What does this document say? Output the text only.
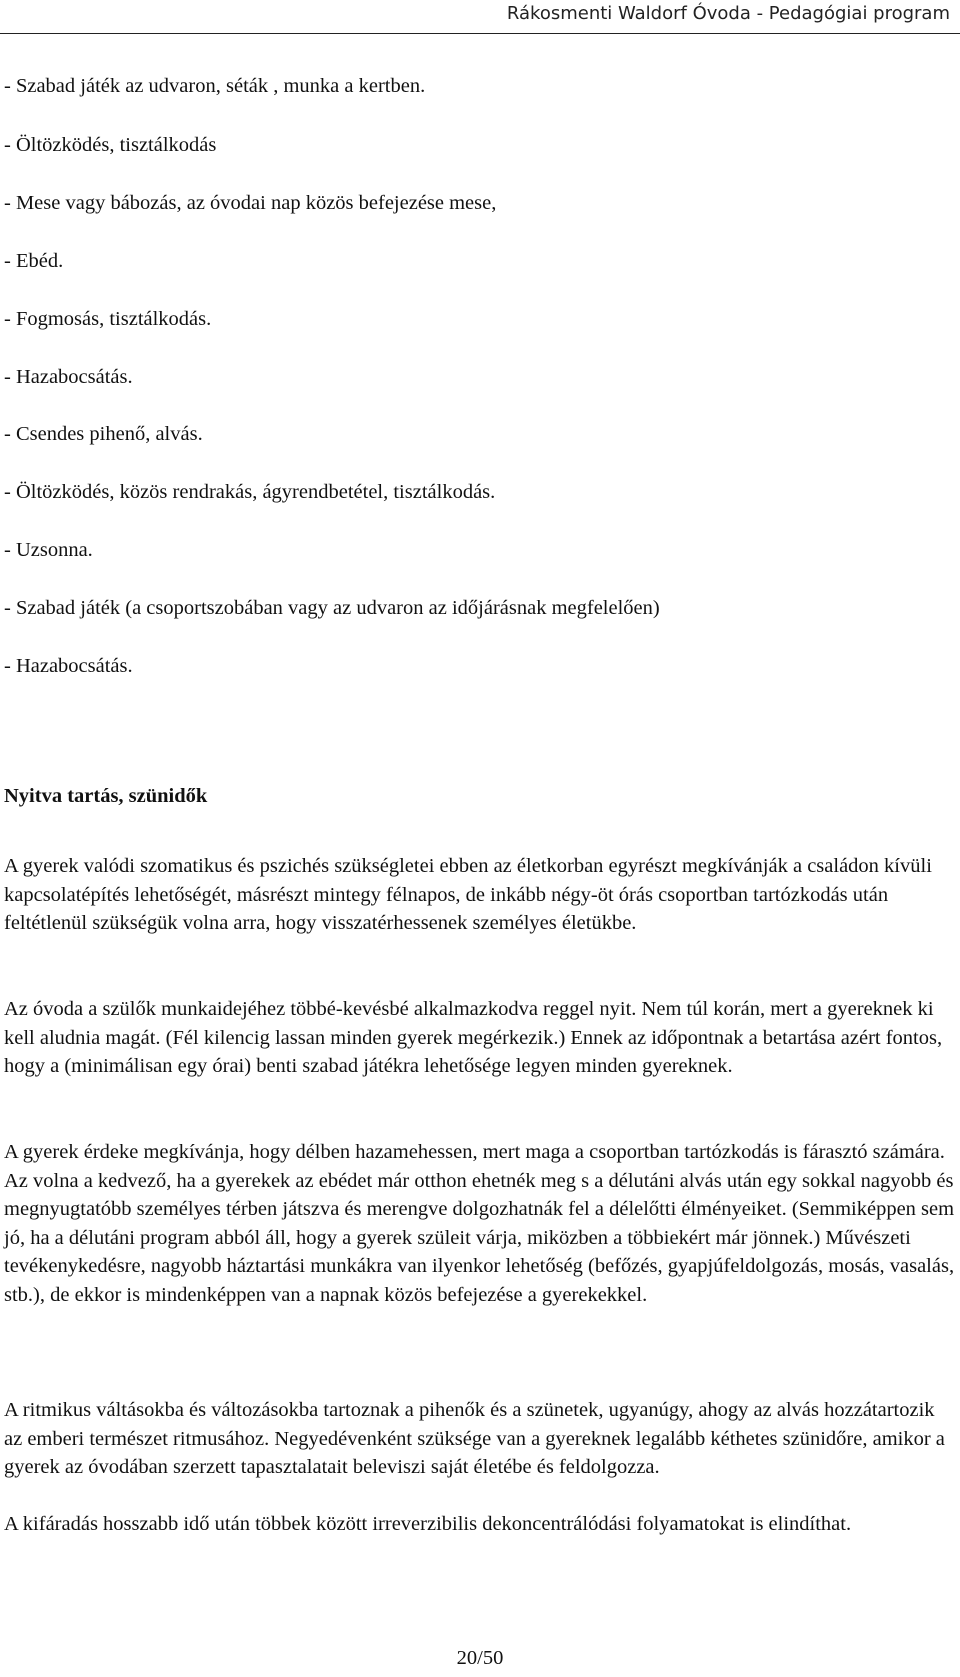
Rákosmenti Waldorf Óvoda - Pedagógiai program
- Szabad játék az udvaron, séták , munka a kertben.
- Öltözködés, tisztálkodás
- Mese vagy bábozás, az óvodai nap közös befejezése mese,
- Ebéd.
- Fogmosás, tisztálkodás.
- Hazabocsátás.
- Csendes pihenő, alvás.
- Öltözködés, közös rendrakás, ágyrendbetétel, tisztálkodás.
- Uzsonna.
- Szabad játék (a csoportszobában vagy az udvaron az időjárásnak megfelelően)
- Hazabocsátás.
Nyitva tartás, szünidők

A gyerek valódi szomatikus és pszichés szükségletei ebben az életkorban egyrészt megkívánják a családon kívüli kapcsolatépítés lehetőségét, másrészt mintegy félnapos, de inkább négy-öt órás csoportban tartózkodás után feltétlenül szükségük volna arra, hogy visszatérhessenek személyes életükbe.

Az óvoda a szülők munkaidejéhez többé-kevésbé alkalmazkodva reggel nyit. Nem túl korán, mert a gyereknek ki kell aludnia magát. (Fél kilencig lassan minden gyerek megérkezik.) Ennek az időpontnak a betartása azért fontos, hogy a (minimálisan egy órai) benti szabad játékra lehetősége legyen minden gyereknek.

A gyerek érdeke megkívánja, hogy délben hazamehessen, mert maga a csoportban tartózkodás is fárasztó számára. Az volna a kedvező, ha a gyerekek az ebédet már otthon ehetnék meg s a délutáni alvás után egy sokkal nagyobb és megnyugtatóbb személyes térben játszva és merengve dolgozhatnák fel a délelőtti élményeiket. (Semmiképpen sem jó, ha a délutáni program abból áll, hogy a gyerek szüleit várja, miközben a többiekért már jönnek.) Művészeti tevékenykedésre, nagyobb háztartási munkákra van ilyenkor lehetőség (befőzés, gyapjúfeldolgozás, mosás, vasalás, stb.), de ekkor is mindenképpen van a napnak közös befejezése a gyerekekkel.

A ritmikus váltásokba és változásokba tartoznak a pihenők és a szünetek, ugyanúgy, ahogy az alvás hozzátartozik az emberi természet ritmusához. Negyedévenként szüksége van a gyereknek legalább kéthetes szünidőre, amikor a gyerek az óvodában szerzett tapasztalatait beleviszi saját életébe és feldolgozza.

A kifáradás hosszabb idő után többek között irreverzibilis dekoncentrálódási folyamatokat is elindíthat.

20/50
